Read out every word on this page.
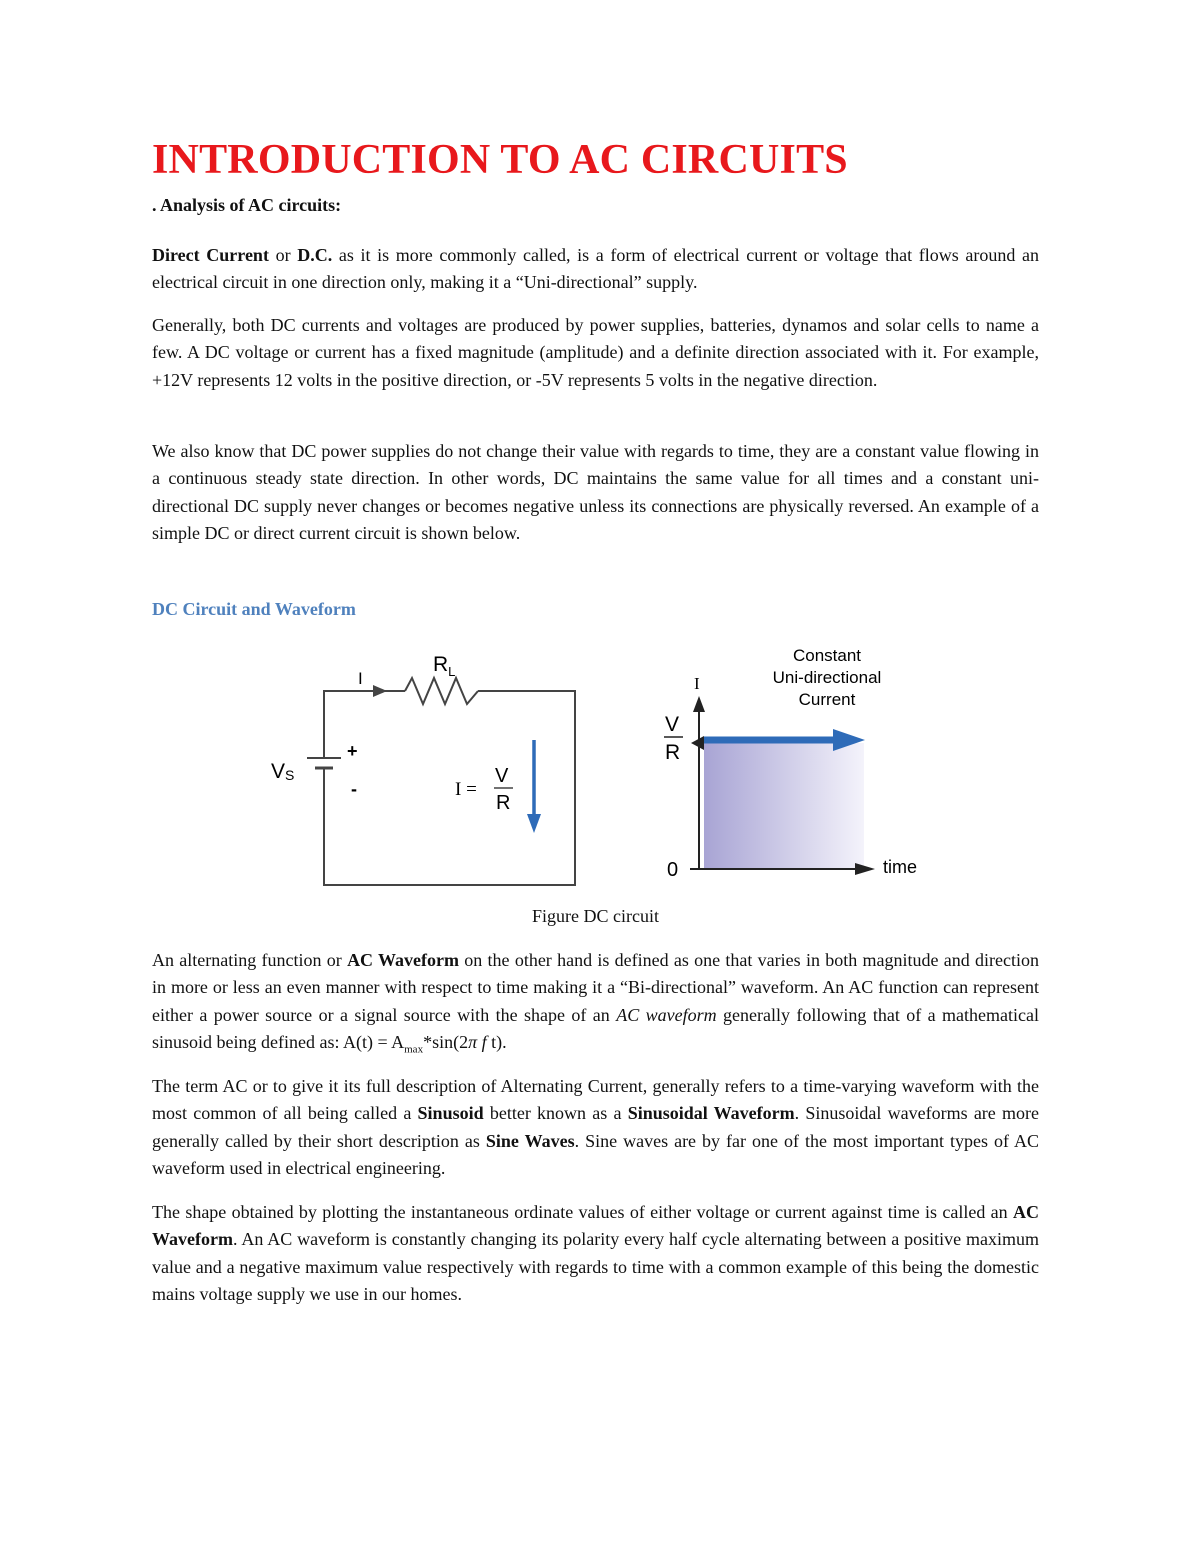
INTRODUCTION TO AC CIRCUITS

. Analysis of AC circuits:

Direct Current or D.C. as it is more commonly called, is a form of electrical current or voltage that flows around an electrical circuit in one direction only, making it a “Uni-directional” supply.

Generally, both DC currents and voltages are produced by power supplies, batteries, dynamos and solar cells to name a few. A DC voltage or current has a fixed magnitude (amplitude) and a definite direction associated with it. For example, +12V represents 12 volts in the positive direction, or -5V represents 5 volts in the negative direction.

We also know that DC power supplies do not change their value with regards to time, they are a constant value flowing in a continuous steady state direction. In other words, DC maintains the same value for all times and a constant uni-directional DC supply never changes or becomes negative unless its connections are physically reversed. An example of a simple DC or direct current circuit is shown below.

DC Circuit and Waveform

Figure DC circuit

An alternating function or AC Waveform on the other hand is defined as one that varies in both magnitude and direction in more or less an even manner with respect to time making it a “Bi-directional” waveform. An AC function can represent either a power source or a signal source with the shape of an AC waveform generally following that of a mathematical sinusoid being defined as: $A(t) = A_{max}*\sin(2\pi$ f t).

The term AC or to give it its full description of Alternating Current, generally refers to a time-varying waveform with the most common of all being called a Sinusoid better known as a Sinusoidal Waveform. Sinusoidal waveforms are more generally called by their short description as Sine Waves. Sine waves are by far one of the most important types of AC waveform used in electrical engineering.

The shape obtained by plotting the instantaneous ordinate values of either voltage or current against time is called an AC Waveform. An AC waveform is constantly changing its polarity every half cycle alternating between a positive maximum value and a negative maximum value respectively with regards to time with a common example of this being the domestic mains voltage supply we use in our homes.

I
$R_L$
VS
+
-	I =
V
R
I
V
R
0	time
Constant
Uni-directional
Current
